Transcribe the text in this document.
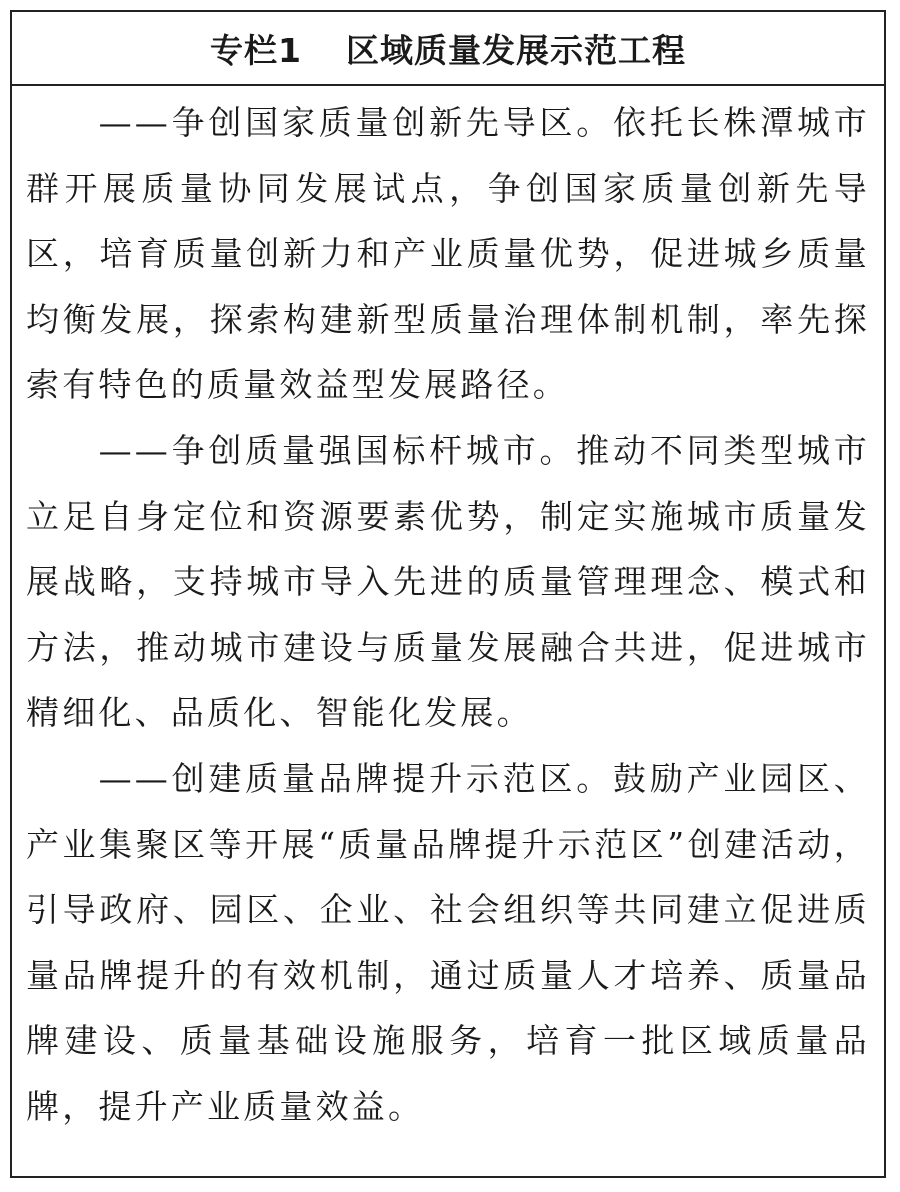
专栏1 区域质量发展示范工程

——争创国家质量创新先导区。依托长株潭城市群开展质量协同发展试点，争创国家质量创新先导区，培育质量创新力和产业质量优势，促进城乡质量均衡发展，探索构建新型质量治理体制机制，率先探索有特色的质量效益型发展路径。

——争创质量强国标杆城市。推动不同类型城市立足自身定位和资源要素优势，制定实施城市质量发展战略，支持城市导入先进的质量管理理念、模式和方法，推动城市建设与质量发展融合共进，促进城市精细化、品质化、智能化发展。

——创建质量品牌提升示范区。鼓励产业园区、产业集聚区等开展“质量品牌提升示范区”创建活动，引导政府、园区、企业、社会组织等共同建立促进质量品牌提升的有效机制，通过质量人才培养、质量品牌建设、质量基础设施服务，培育一批区域质量品牌，提升产业质量效益。
